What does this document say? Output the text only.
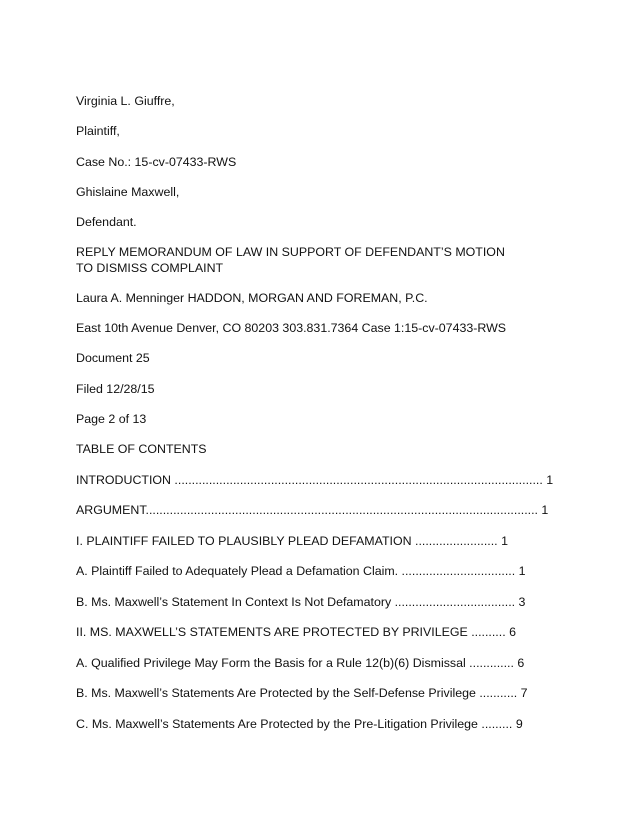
Virginia L. Giuffre,
Plaintiff,
Case No.: 15-cv-07433-RWS
Ghislaine Maxwell,
Defendant.
REPLY MEMORANDUM OF LAW IN SUPPORT OF DEFENDANT’S MOTION TO DISMISS COMPLAINT
Laura A. Menninger HADDON, MORGAN AND FOREMAN, P.C.
East 10th Avenue Denver, CO 80203 303.831.7364 Case 1:15-cv-07433-RWS
Document 25
Filed 12/28/15
Page 2 of 13
TABLE OF CONTENTS
INTRODUCTION ........................................................................................................... 1
ARGUMENT.................................................................................................................. 1
I. PLAINTIFF FAILED TO PLAUSIBLY PLEAD DEFAMATION ........................ 1
A. Plaintiff Failed to Adequately Plead a Defamation Claim. ................................. 1
B. Ms. Maxwell’s Statement In Context Is Not Defamatory ................................... 3
II. MS. MAXWELL’S STATEMENTS ARE PROTECTED BY PRIVILEGE .......... 6
A. Qualified Privilege May Form the Basis for a Rule 12(b)(6) Dismissal ............. 6
B. Ms. Maxwell’s Statements Are Protected by the Self-Defense Privilege ........... 7
C. Ms. Maxwell’s Statements Are Protected by the Pre-Litigation Privilege ......... 9
